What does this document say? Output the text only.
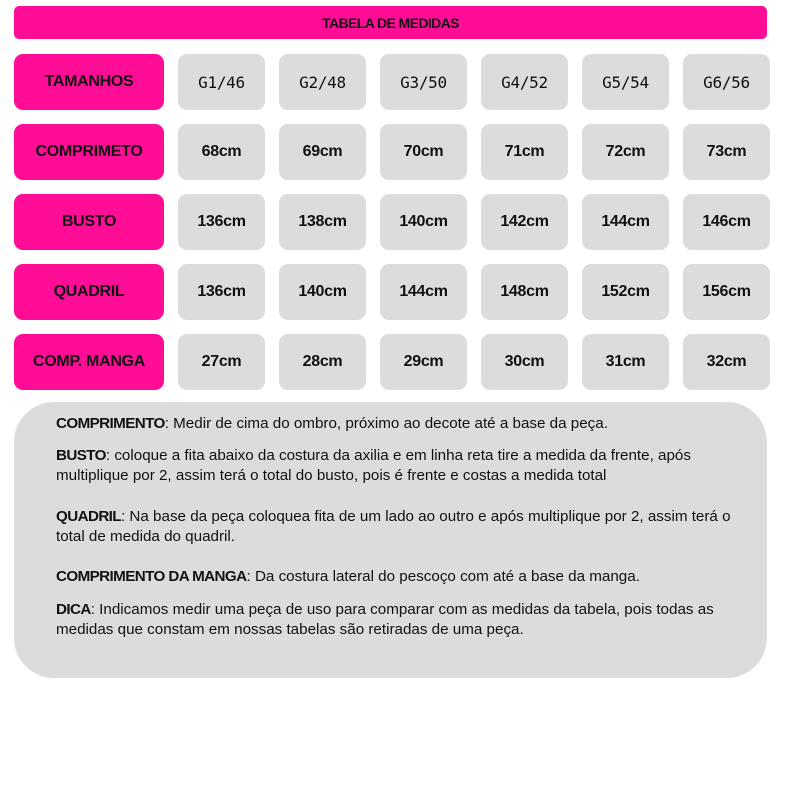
TABELA DE MEDIDAS
TAMANHOS	G1/46	G2/48	G3/50	G4/52	G5/54	G6/56
COMPRIMETO	68cm	69cm	70cm	71cm	72cm	73cm
BUSTO	136cm	138cm	140cm	142cm	144cm	146cm
QUADRIL	136cm	140cm	144cm	148cm	152cm	156cm
COMP. MANGA	27cm	28cm	29cm	30cm	31cm	32cm

COMPRIMENTO: Medir de cima do ombro, próximo ao decote até a base da peça.

BUSTO: coloque a fita abaixo da costura da axilia e em linha reta tire a medida da frente, após multiplique por 2, assim terá o total do busto, pois é frente e costas a medida total

QUADRIL: Na base da peça coloquea fita de um lado ao outro e após multiplique por 2, assim terá o total de medida do quadril.

COMPRIMENTO DA MANGA: Da costura lateral do pescoço com até a base da manga.

DICA: Indicamos medir uma peça de uso para comparar com as medidas da tabela, pois todas as medidas que constam em nossas tabelas são retiradas de uma peça.
